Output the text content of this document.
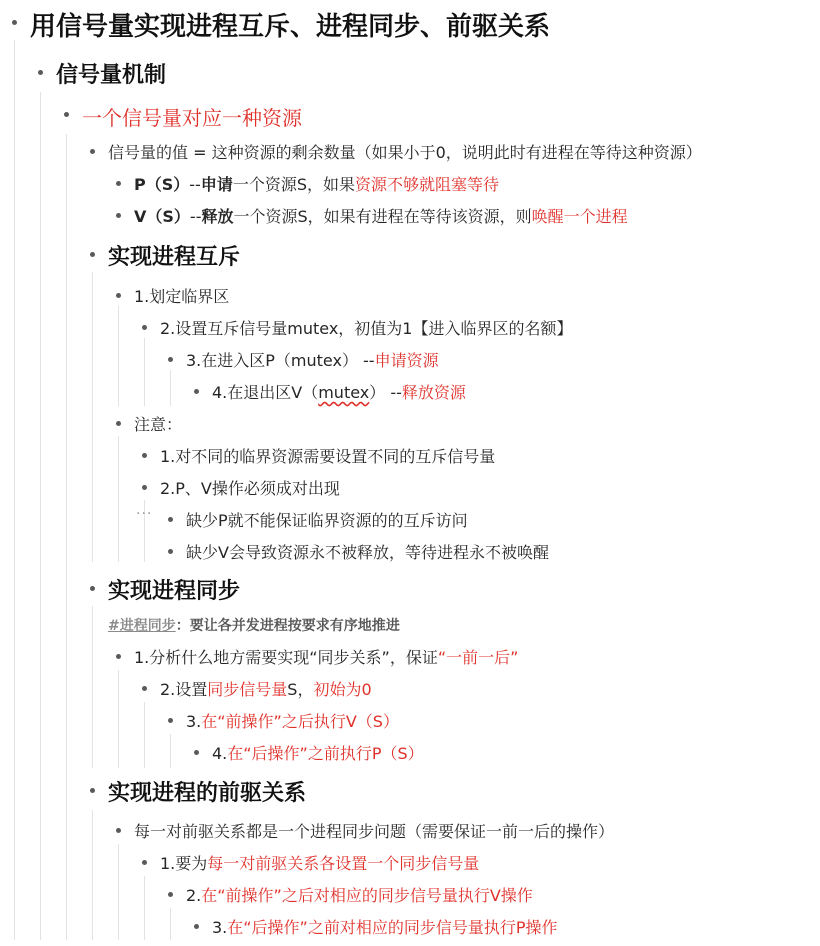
用信号量实现进程互斥、进程同步、前驱关系
信号量机制
一个信号量对应一种资源
信号量的值 = 这种资源的剩余数量（如果小于0，说明此时有进程在等待这种资源）
P（S）--申请一个资源S，如果资源不够就阻塞等待
V（S）--释放一个资源S，如果有进程在等待该资源，则唤醒一个进程
实现进程互斥
1.划定临界区
2.设置互斥信号量mutex，初值为1【进入临界区的名额】
3.在进入区P（mutex） --申请资源
4.在退出区V（mutex） --释放资源
注意：
1.对不同的临界资源需要设置不同的互斥信号量
2.P、V操作必须成对出现
··· 缺少P就不能保证临界资源的的互斥访问
缺少V会导致资源永不被释放，等待进程永不被唤醒
实现进程同步
#进程同步：要让各并发进程按要求有序地推进
1.分析什么地方需要实现“同步关系”，保证“一前一后”
2.设置同步信号量S，初始为0
3.在“前操作”之后执行V（S）
4.在“后操作”之前执行P（S）
实现进程的前驱关系
每一对前驱关系都是一个进程同步问题（需要保证一前一后的操作）
1.要为每一对前驱关系各设置一个同步信号量
2.在“前操作”之后对相应的同步信号量执行V操作
3.在“后操作”之前对相应的同步信号量执行P操作
